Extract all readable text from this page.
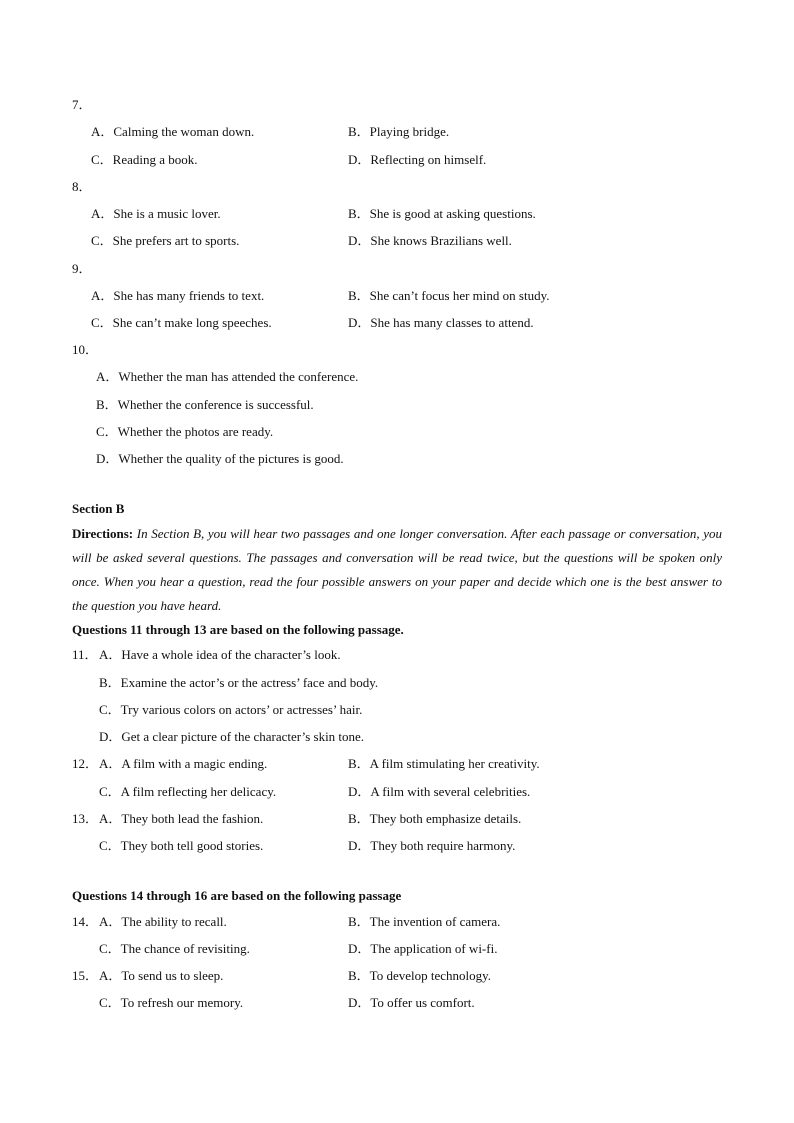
7．
A．Calming the woman down.	B．Playing bridge.
C．Reading a book.	D．Reflecting on himself.
8．
A．She is a music lover.	B．She is good at asking questions.
C．She prefers art to sports.	D．She knows Brazilians well.
9．
A．She has many friends to text.	B．She can’t focus her mind on study.
C．She can’t make long speeches.	D．She has many classes to attend.
10．
A．Whether the man has attended the conference.
B．Whether the conference is successful.
C．Whether the photos are ready.
D．Whether the quality of the pictures is good.
Section B
Directions: In Section B, you will hear two passages and one longer conversation. After each passage or conversation, you will be asked several questions. The passages and conversation will be read twice, but the questions will be spoken only once. When you hear a question, read the four possible answers on your paper and decide which one is the best answer to the question you have heard.
Questions 11 through 13 are based on the following passage.
11． A．Have a whole idea of the character’s look.
B．Examine the actor’s or the actress’ face and body.
C．Try various colors on actors’ or actresses’ hair.
D．Get a clear picture of the character’s skin tone.
12． A．A film with a magic ending.	B．A film stimulating her creativity.
C．A film reflecting her delicacy.	D．A film with several celebrities.
13． A．They both lead the fashion.	B．They both emphasize details.
C．They both tell good stories.	D．They both require harmony.
Questions 14 through 16 are based on the following passage
14． A．The ability to recall.	B．The invention of camera.
C．The chance of revisiting.	D．The application of wi-fi.
15． A．To send us to sleep.	B．To develop technology.
C．To refresh our memory.	D．To offer us comfort.
